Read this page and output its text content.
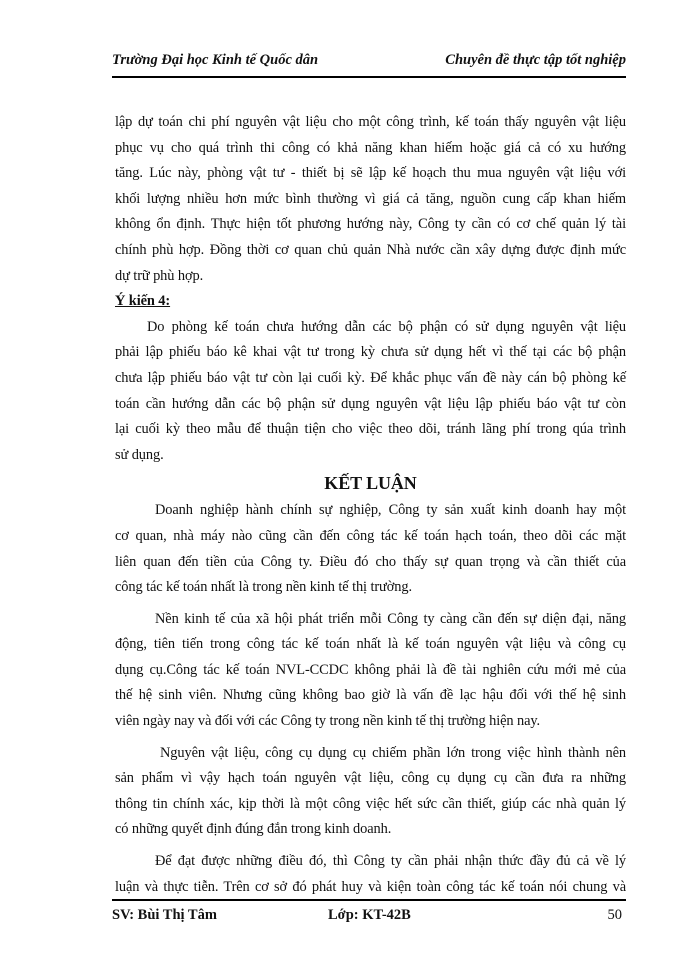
Trường Đại học Kinh tế Quốc dân	Chuyên đề thực tập tốt nghiệp
lập dự toán chi phí nguyên vật liệu cho một công trình, kế toán thấy nguyên vật liệu
phục vụ cho quá trình thi công có khả năng khan hiếm hoặc giá cả có xu hướng
tăng. Lúc này, phòng vật tư - thiết bị sẽ lập kế hoạch thu mua nguyên vật liệu với
khối lượng nhiều hơn mức bình thường vì giá cả tăng, nguồn cung cấp khan hiếm
không ổn định. Thực hiện tốt phương hướng này, Công ty cần có cơ chế quản lý tài
chính phù hợp. Đồng thời cơ quan chủ quản Nhà nước cần xây dựng được định mức
dự trữ phù hợp.
Ý kiến 4:
Do phòng kế toán chưa hướng dẫn các bộ phận có sử dụng nguyên vật liệu
phải lập phiếu báo kê khai vật tư trong kỳ chưa sử dụng hết vì thế tại các bộ phận
chưa lập phiếu báo vật tư còn lại cuối kỳ. Để khắc phục vấn đề này cán bộ phòng kế
toán cần hướng dẫn các bộ phận sử dụng nguyên vật liệu lập phiếu báo vật tư còn
lại cuối kỳ theo mẫu để thuận tiện cho việc theo dõi, tránh lãng phí trong qúa trình
sử dụng.
KẾT LUẬN
Doanh nghiệp hành chính sự nghiệp, Công ty sản xuất kinh doanh hay một
cơ quan, nhà máy nào cũng cần đến công tác kế toán hạch toán, theo dõi các mặt
liên quan đến tiền của Công ty. Điều đó cho thấy sự quan trọng và cần thiết của
công tác kế toán nhất là trong nền kinh tế thị trường.
Nền kinh tế của xã hội phát triển mỗi Công ty càng cần đến sự diện đại, năng
động, tiên tiến trong công tác kế toán nhất là kế toán nguyên vật liệu và công cụ
dụng cụ.Công tác kế toán NVL-CCDC không phải là đề tài nghiên cứu mới mẻ của
thế hệ sinh viên. Nhưng cũng không bao giờ là vấn đề lạc hậu đối với thế hệ sinh
viên ngày nay và đối với các Công ty trong nền kinh tế thị trường hiện nay.
Nguyên vật liệu, công cụ dụng cụ chiếm phần lớn trong việc hình thành nên
sản phẩm vì vậy hạch toán nguyên vật liệu, công cụ dụng cụ cần đưa ra những
thông tin chính xác, kịp thời là một công việc hết sức cần thiết, giúp các nhà quản lý
có những quyết định đúng đắn trong kinh doanh.
Để đạt được những điều đó, thì Công ty cần phải nhận thức đầy đủ cả về lý
luận và thực tiễn. Trên cơ sở đó phát huy và kiện toàn công tác kế toán nói chung và
SV: Bùi Thị Tâm	Lớp: KT-42B	50
